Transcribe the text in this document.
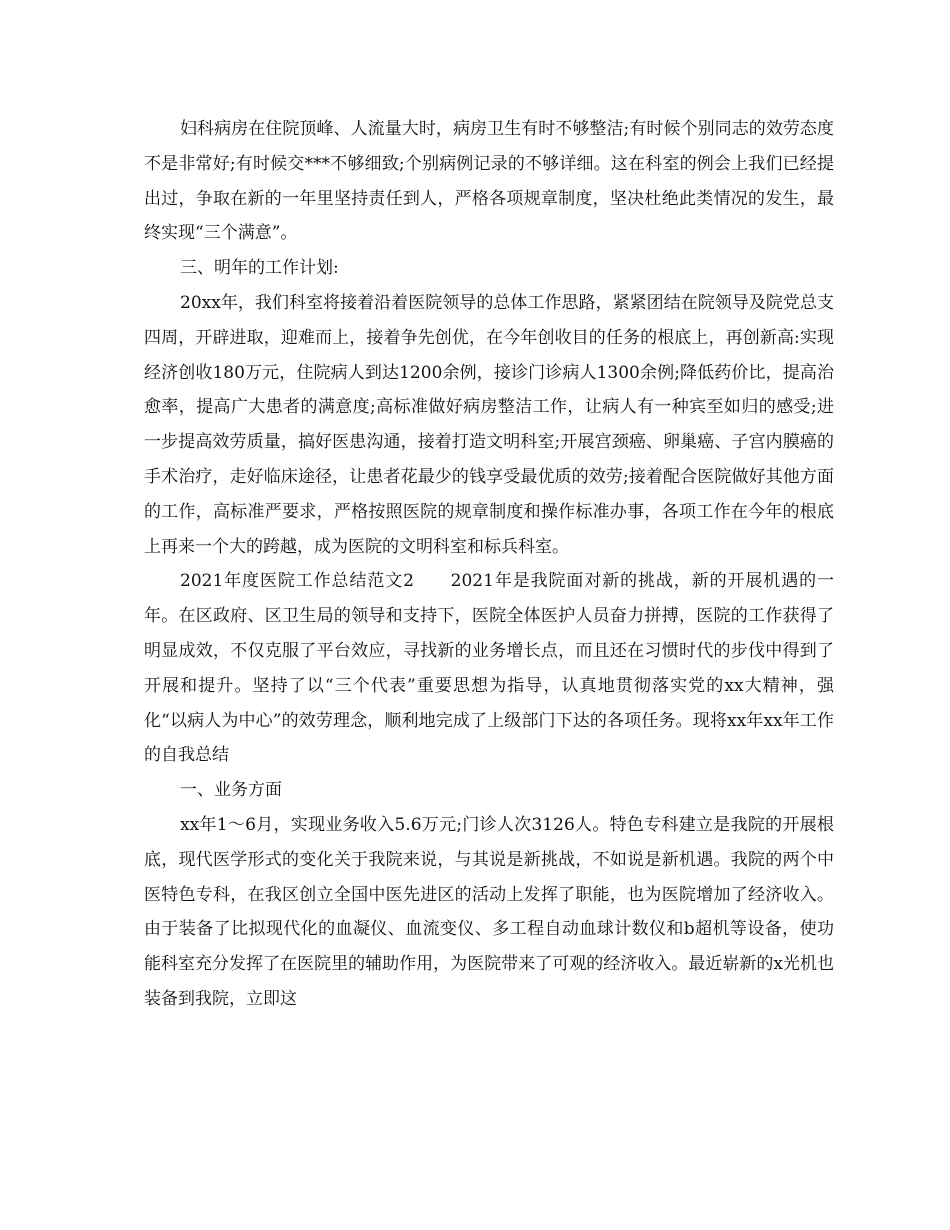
妇科病房在住院顶峰、人流量大时，病房卫生有时不够整洁;有时候个别同志的效劳态度不是非常好;有时候交***不够细致;个别病例记录的不够详细。这在科室的例会上我们已经提出过，争取在新的一年里坚持责任到人，严格各项规章制度，坚决杜绝此类情况的发生，最终实现“三个满意”。

三、明年的工作计划:

20xx年，我们科室将接着沿着医院领导的总体工作思路，紧紧团结在院领导及院党总支四周，开辟进取，迎难而上，接着争先创优，在今年创收目的任务的根底上，再创新高:实现经济创收180万元，住院病人到达1200余例，接诊门诊病人1300余例;降低药价比，提高治愈率，提高广大患者的满意度;高标准做好病房整洁工作，让病人有一种宾至如归的感受;进一步提高效劳质量，搞好医患沟通，接着打造文明科室;开展宫颈癌、卵巢癌、子宫内膜癌的手术治疗，走好临床途径，让患者花最少的钱享受最优质的效劳;接着配合医院做好其他方面的工作，高标准严要求，严格按照医院的规章制度和操作标准办事，各项工作在今年的根底上再来一个大的跨越，成为医院的文明科室和标兵科室。

2021年度医院工作总结范文2　　2021年是我院面对新的挑战，新的开展机遇的一年。在区政府、区卫生局的领导和支持下，医院全体医护人员奋力拼搏，医院的工作获得了明显成效，不仅克服了平台效应，寻找新的业务增长点，而且还在习惯时代的步伐中得到了开展和提升。坚持了以“三个代表”重要思想为指导，认真地贯彻落实党的xx大精神，强化“以病人为中心”的效劳理念，顺利地完成了上级部门下达的各项任务。现将xx年xx年工作的自我总结

一、业务方面

xx年1～6月，实现业务收入5.6万元;门诊人次3126人。特色专科建立是我院的开展根底，现代医学形式的变化关于我院来说，与其说是新挑战，不如说是新机遇。我院的两个中医特色专科，在我区创立全国中医先进区的活动上发挥了职能，也为医院增加了经济收入。由于装备了比拟现代化的血凝仪、血流变仪、多工程自动血球计数仪和b超机等设备，使功能科室充分发挥了在医院里的辅助作用，为医院带来了可观的经济收入。最近崭新的x光机也装备到我院，立即这
